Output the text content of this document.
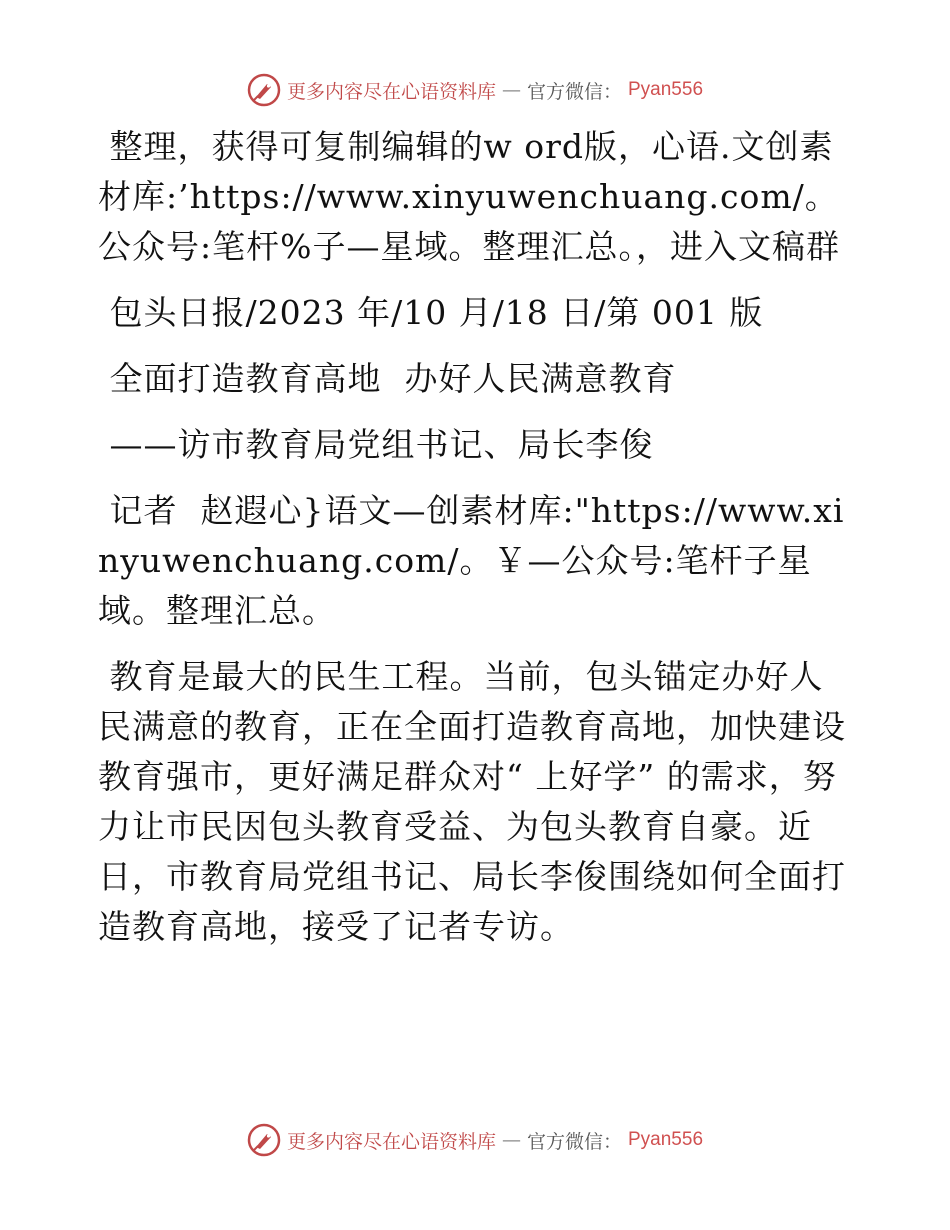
更多内容尽在心语资料库 — 官方微信： Pyan556

整理，获得可复制编辑的w ord版，心语.文创素材库:’https://www.xinyuwenchuang.com/。公众号:笔杆%子—星域。整理汇总。，进入文稿群

包头日报/2023 年/10 月/18 日/第 001 版

全面打造教育高地  办好人民满意教育

——访市教育局党组书记、局长李俊

记者  赵遐心}语文—创素材库:"https://www.xinyuwenchuang.com/。￥—公众号:笔杆子星域。整理汇总。

教育是最大的民生工程。当前，包头锚定办好人民满意的教育，正在全面打造教育高地，加快建设教育强市，更好满足群众对“ 上好学” 的需求，努力让市民因包头教育受益、为包头教育自豪。近日，市教育局党组书记、局长李俊围绕如何全面打造教育高地，接受了记者专访。

更多内容尽在心语资料库 — 官方微信： Pyan556
